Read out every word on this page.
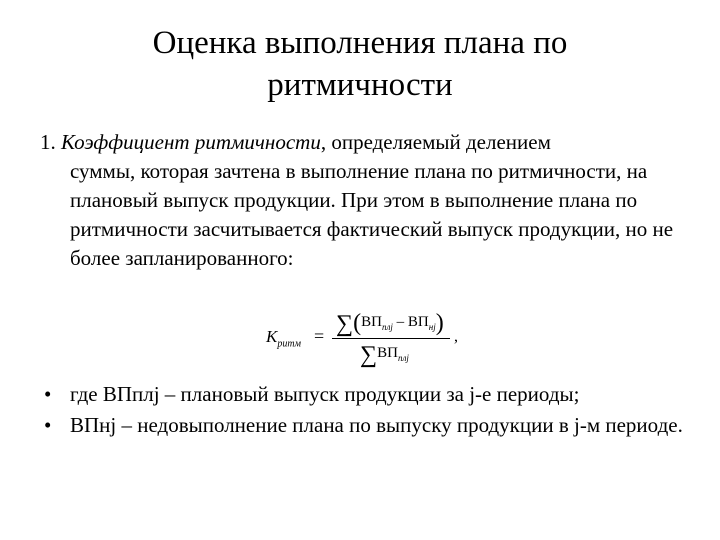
Оценка выполнения плана по
ритмичности
1. Коэффициент ритмичности, определяемый делением
суммы, которая зачтена в выполнение плана по ритмичности, на плановый выпуск продукции. При этом в выполнение плана по ритмичности засчитывается фактический выпуск продукции, но не более запланированного:
$K_{ритм} = \sum(ВП_{плj} - ВП_{нj})$
$\sum ВП_{плj}$
,
• где ВПплj – плановый выпуск продукции за j-е периоды;
• ВПнj – недовыполнение плана по выпуску продукции в j-м периоде.
